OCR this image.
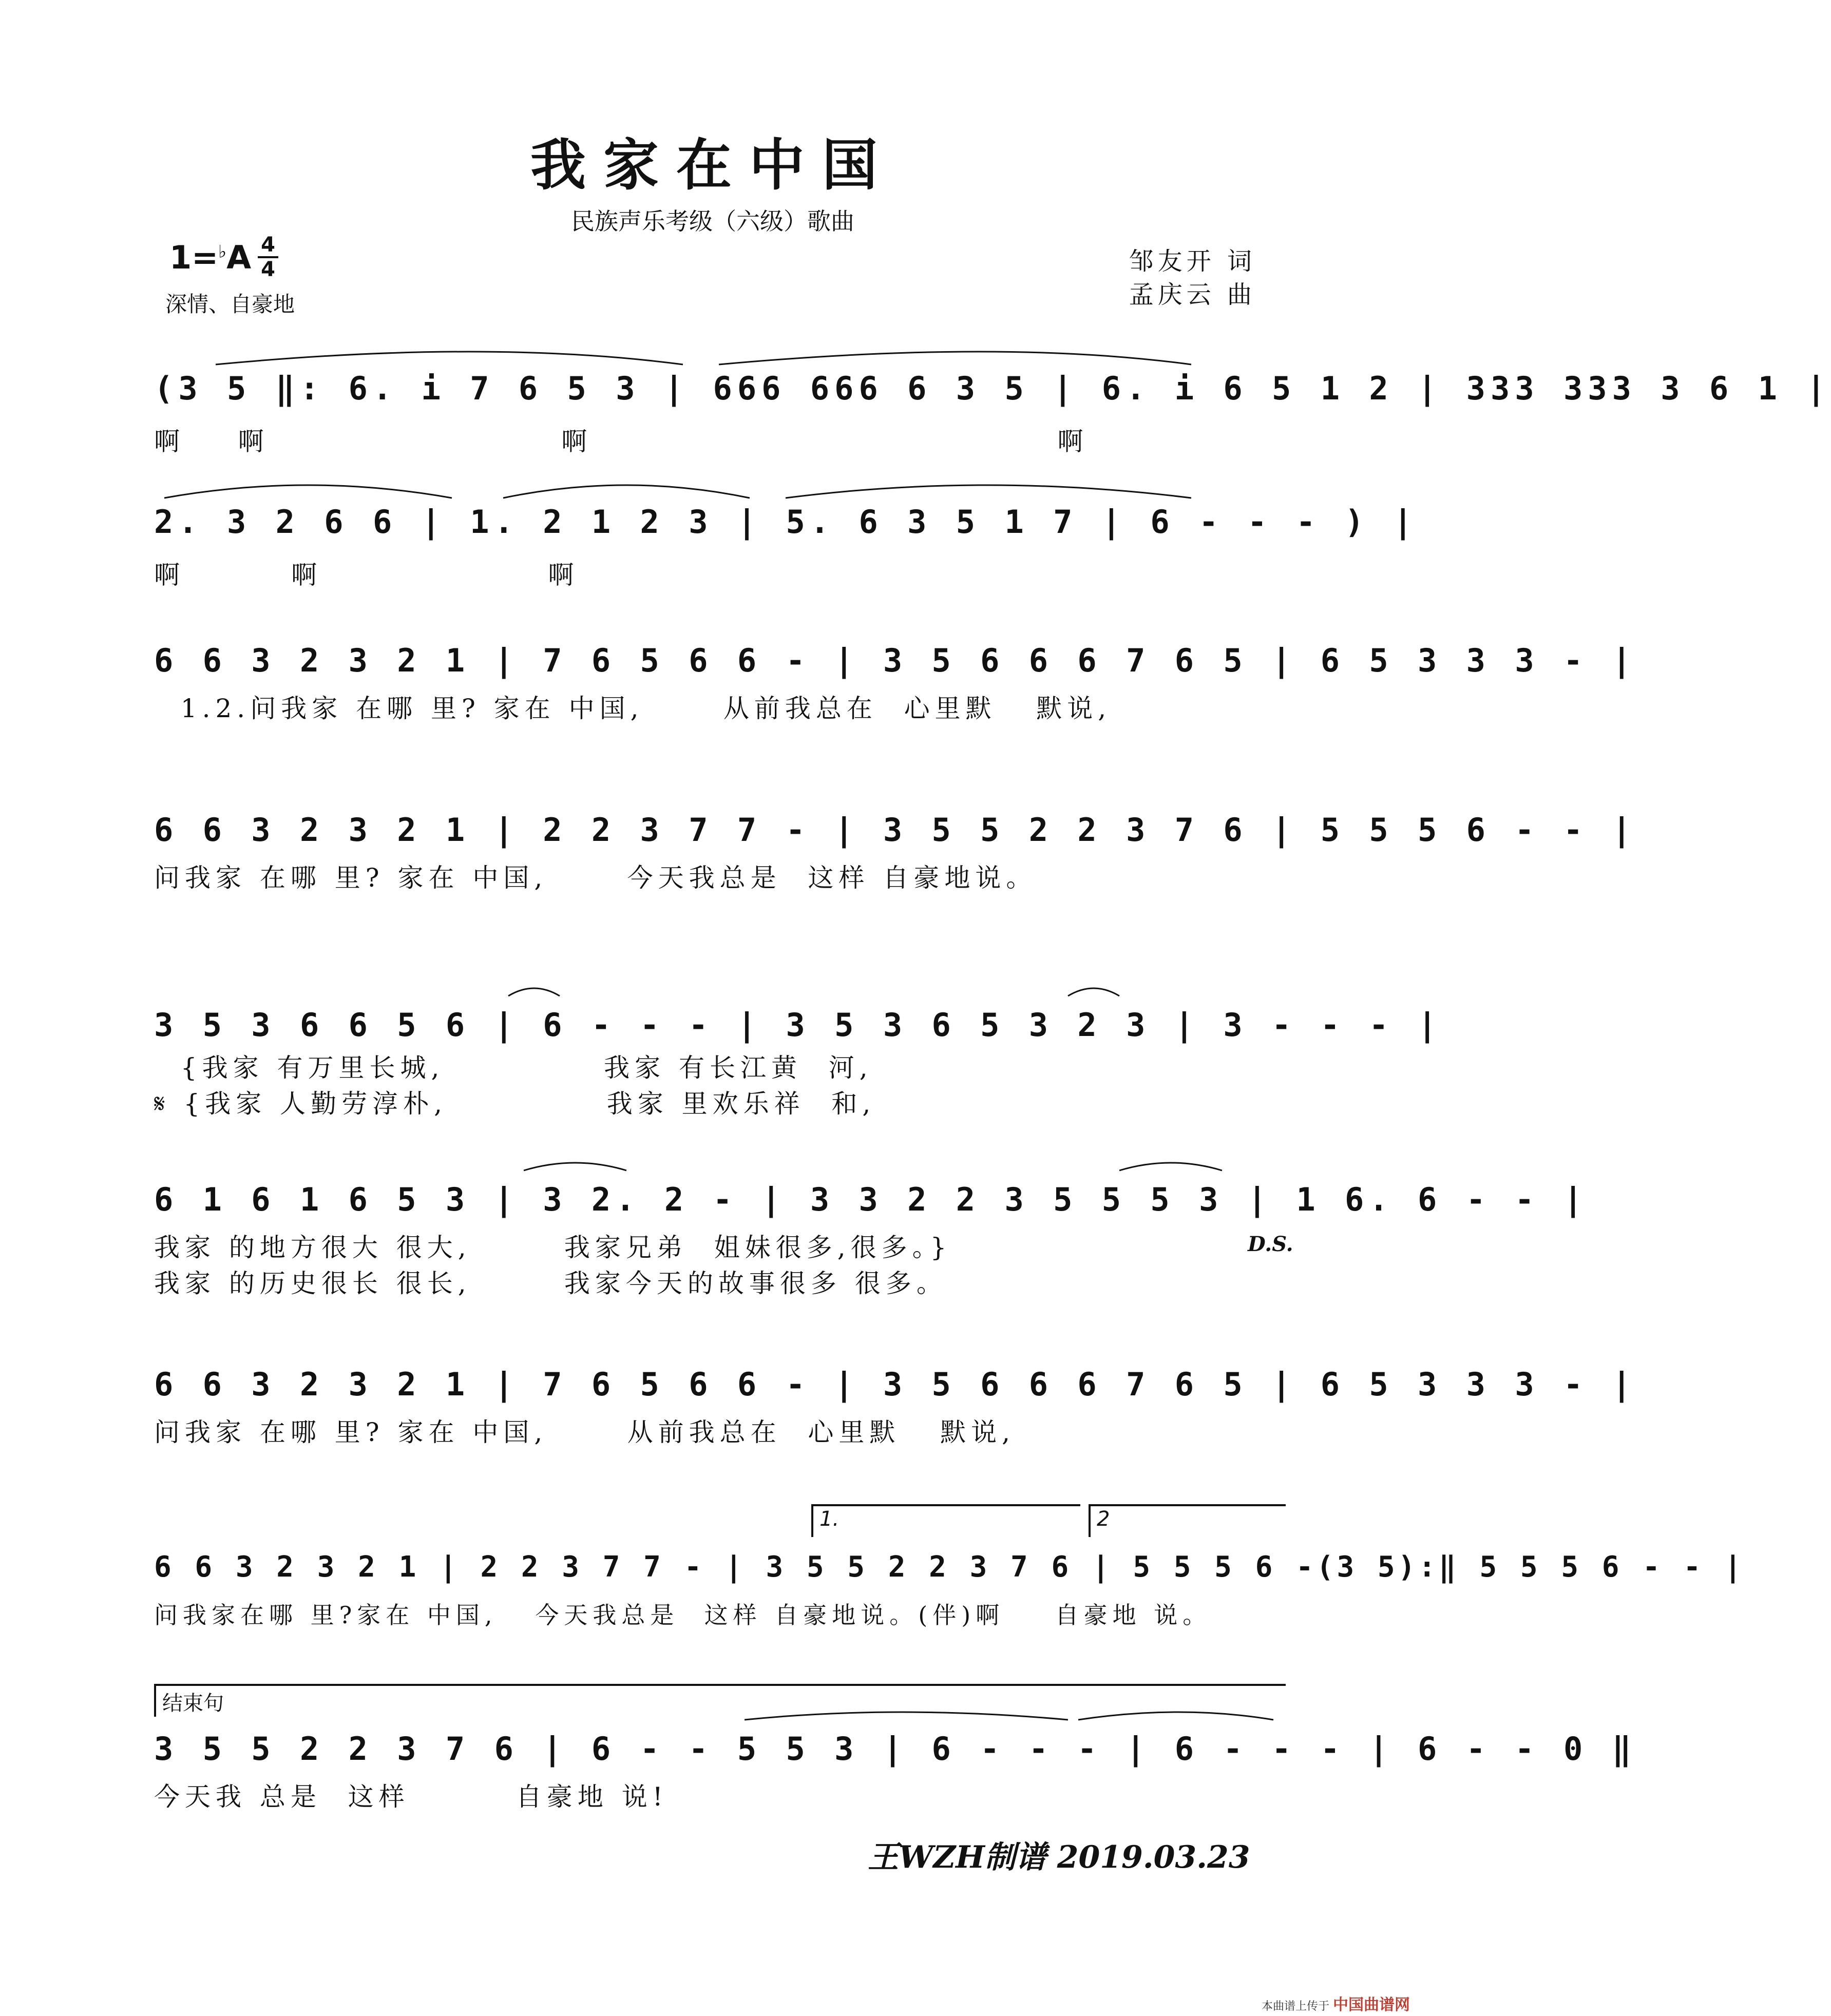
我家在中国
民族声乐考级（六级）歌曲
1=♭A 4
4
深情、自豪地
邹友开 词
孟庆云 曲
(3 5 ‖: 6. i 7 6 5 3 | 666 666 6 3 5 | 6. i 6 5 1 2 | 333 333 3 6 1 |
啊    啊                      啊                                   啊
2. 3 2 6 6 | 1. 2 1 2 3 | 5. 6 3 5 1 7 | 6 - - - ) |
啊        啊                 啊
6 6 3 2 3 2 1 | 7 6 5 6 6 - | 3 5 6 6 6 7 6 5 | 6 5 3 3 3 - |
1.2.问我家 在哪 里? 家在 中国,      从前我总在  心里默   默说,
6 6 3 2 3 2 1 | 2 2 3 7 7 - | 3 5 5 2 2 3 7 6 | 5 5 5 6 - - |
问我家 在哪 里? 家在 中国,      今天我总是  这样 自豪地说。
3 5 3 6 6 5 6 | 6 - - - | 3 5 3 6 5 3 2 3 | 3 - - - |
{我家 有万里长城,            我家 有长江黄  河,
𝄋 {我家 人勤劳淳朴,            我家 里欢乐祥  和,
6 1 6 1 6 5 3 | 3 2. 2 - | 3 3 2 2 3 5 5 5 3 | 1 6. 6 - - |
我家 的地方很大 很大,       我家兄弟  姐妹很多,很多。}
我家 的历史很长 很长,       我家今天的故事很多 很多。
D.S.
6 6 3 2 3 2 1 | 7 6 5 6 6 - | 3 5 6 6 6 7 6 5 | 6 5 3 3 3 - |
问我家 在哪 里? 家在 中国,      从前我总在  心里默   默说,
1.	2
6 6 3 2 3 2 1 | 2 2 3 7 7 - | 3 5 5 2 2 3 7 6 | 5 5 5 6 -(3 5):‖ 5 5 5 6 - - |
问我家在哪 里?家在 中国,   今天我总是  这样 自豪地说。(伴)啊    自豪地 说。
结束句
3 5 5 2 2 3 7 6 | 6 - - 5 5 3 | 6 - - - | 6 - - - | 6 - - 0 ‖
今天我 总是  这样        自豪地 说!
王WZH制谱 2019.03.23
本曲谱上传于 中国曲谱网
